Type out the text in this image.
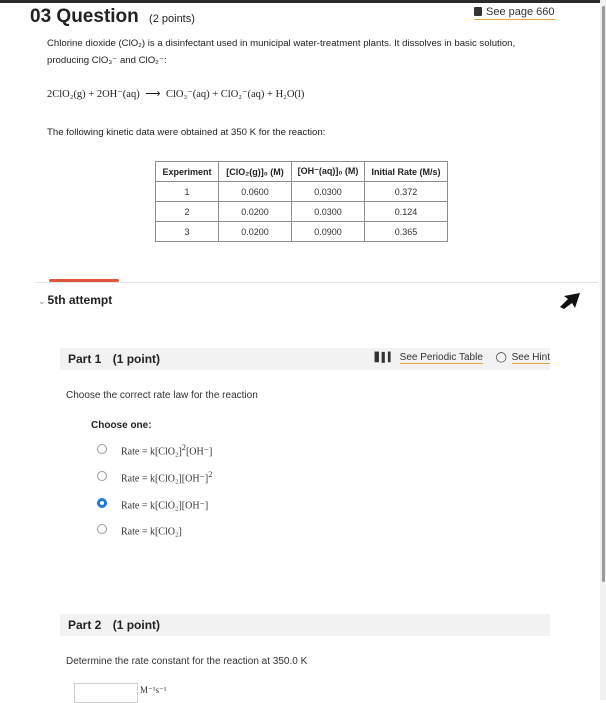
03 Question (2 points)
See page 660
Chlorine dioxide (ClO₂) is a disinfectant used in municipal water-treatment plants. It dissolves in basic solution,
producing ClO₃⁻ and ClO₂⁻:
2ClO₂(g) + 2OH⁻(aq) ⟶ ClO₃⁻(aq) + ClO₂⁻(aq) + H₂O(l)
The following kinetic data were obtained at 350 K for the reaction:
Experiment	[ClO₂(g)]₀ (M)	[OH⁻(aq)]₀ (M)	Initial Rate (M/s)
1	0.0600	0.0300	0.372
2	0.0200	0.0300	0.124
3	0.0200	0.0900	0.365
⌄ 5th attempt
Part 1 (1 point)	▋▌▍ See Periodic Table ◯ See Hint
Choose the correct rate law for the reaction
Choose one:
Rate = $k[ClO_2]^2[OH^-]$
Rate = $k[ClO_2][OH^-]^2$
Rate = k[ClO₂][OH⁻]
Rate = k[ClO₂]
Part 2 (1 point)
Determine the rate constant for the reaction at 350.0 K
M⁻¹s⁻¹
